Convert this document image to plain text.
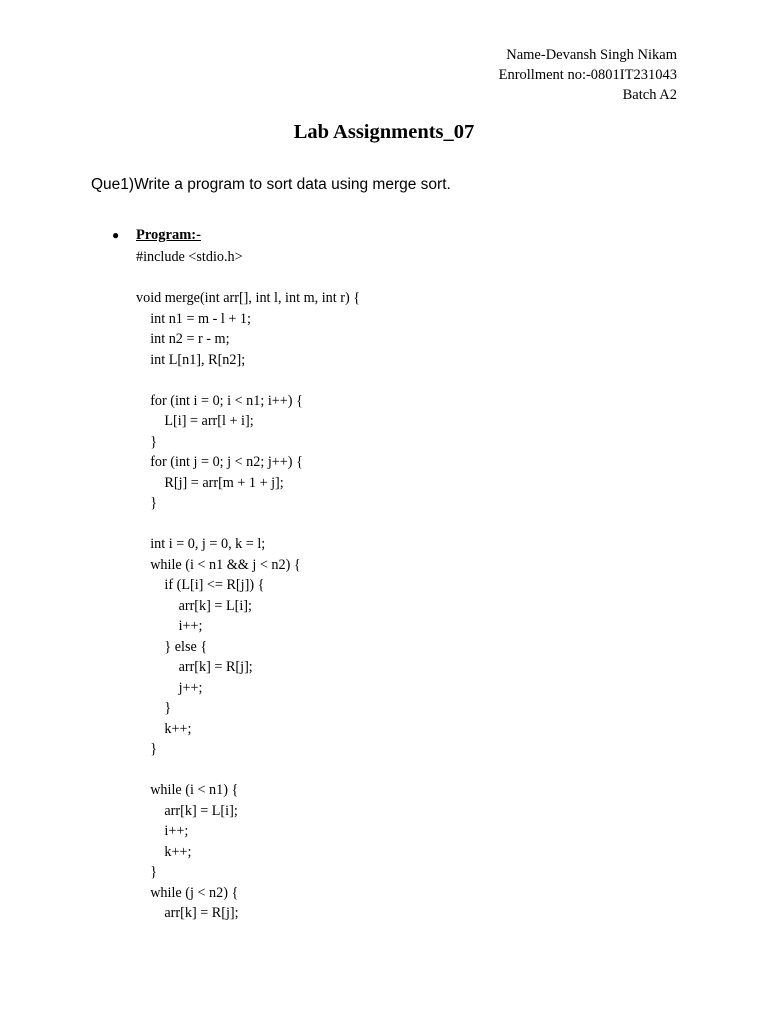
Name-Devansh Singh Nikam
Enrollment no:-0801IT231043
Batch A2
Lab Assignments_07
Que1)Write a program to sort data using merge sort.
● Program:-
#include <stdio.h>
void merge(int arr[], int l, int m, int r) {
int n1 = m - l + 1;
int n2 = r - m;
int L[n1], R[n2];
for (int i = 0; i < n1; i++) {
L[i] = arr[l + i];
}
for (int j = 0; j < n2; j++) {
R[j] = arr[m + 1 + j];
}
int i = 0, j = 0, k = l;
while (i < n1 && j < n2) {
if (L[i] <= R[j]) {
arr[k] = L[i];
i++;
} else {
arr[k] = R[j];
j++;
}
k++;
}
while (i < n1) {
arr[k] = L[i];
i++;
k++;
}
while (j < n2) {
arr[k] = R[j];
